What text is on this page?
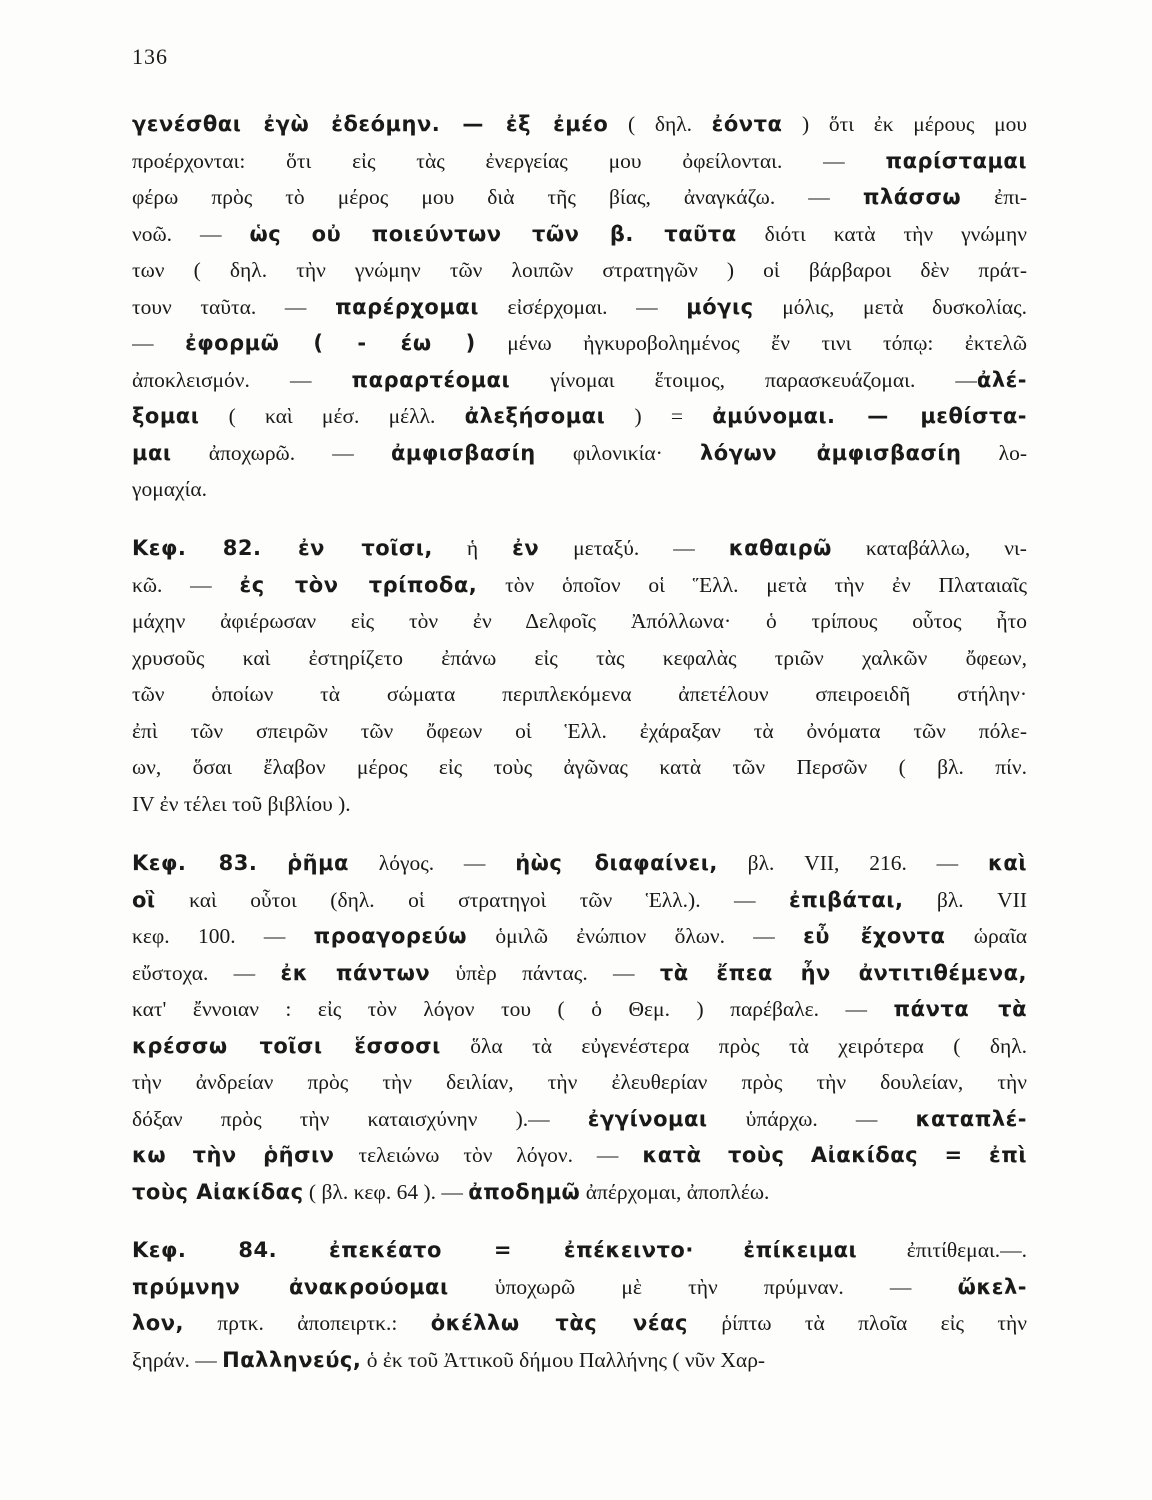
136
γενέσθαι ἐγὼ ἐδεόμην. — ἐξ ἐμέο ( δηλ. ἐόντα ) ὅτι ἐκ μέρους μου
προέρχονται: ὅτι εἰς τὰς ἐνεργείας μου ὀφείλονται. — παρίσταμαι
φέρω πρὸς τὸ μέρος μου διὰ τῆς βίας, ἀναγκάζω. — πλάσσω ἐπι-
νοῶ. — ὡς οὐ ποιεύντων τῶν β. ταῦτα διότι κατὰ τὴν γνώμην
των ( δηλ. τὴν γνώμην τῶν λοιπῶν στρατηγῶν ) οἱ βάρβαροι δὲν πράτ-
τουν ταῦτα. — παρέρχομαι εἰσέρχομαι. — μόγις μόλις, μετὰ δυσκολίας.
— ἐφορμῶ ( - έω ) μένω ἠγκυροβολημένος ἔν τινι τόπῳ: ἐκτελῶ
ἀποκλεισμόν. — παραρτέομαι γίνομαι ἕτοιμος, παρασκευάζομαι. —ἀλέ-
ξομαι ( καὶ μέσ. μέλλ. ἀλεξήσομαι ) = ἀμύνομαι. — μεθίστα-
μαι ἀποχωρῶ. — ἀμφισβασίη φιλονικία· λόγων ἀμφισβασίη λο-
γομαχία.
Κεφ. 82. ἐν τοῖσι, ἡ ἐν μεταξύ. — καθαιρῶ καταβάλλω, νι-
κῶ. — ἐς τὸν τρίποδα, τὸν ὁποῖον οἱ Ἕλλ. μετὰ τὴν ἐν Πλαταιαῖς
μάχην ἀφιέρωσαν εἰς τὸν ἐν Δελφοῖς Ἀπόλλωνα· ὁ τρίπους οὗτος ἦτο
χρυσοῦς καὶ ἐστηρίζετο ἐπάνω εἰς τὰς κεφαλὰς τριῶν χαλκῶν ὄφεων,
τῶν ὁποίων τὰ σώματα περιπλεκόμενα ἀπετέλουν σπειροειδῆ στήλην·
ἐπὶ τῶν σπειρῶν τῶν ὄφεων οἱ Ἑλλ. ἐχάραξαν τὰ ὀνόματα τῶν πόλε-
ων, ὅσαι ἔλαβον μέρος εἰς τοὺς ἀγῶνας κατὰ τῶν Περσῶν ( βλ. πίν.
IV ἐν τέλει τοῦ βιβλίου ).
Κεφ. 83. ῥῆμα λόγος. — ἠὼς διαφαίνει, βλ. VII, 216. — καὶ
οἳ καὶ οὗτοι (δηλ. οἱ στρατηγοὶ τῶν Ἑλλ.). — ἐπιβάται, βλ. VII
κεφ. 100. — προαγορεύω ὁμιλῶ ἐνώπιον ὅλων. — εὖ ἔχοντα ὡραῖα
εὔστοχα. — ἐκ πάντων ὑπὲρ πάντας. — τὰ ἔπεα ἦν ἀντιτιθέμενα,
κατ' ἔννοιαν : εἰς τὸν λόγον του ( ὁ Θεμ. ) παρέβαλε. — πάντα τὰ
κρέσσω τοῖσι ἕσσοσι ὅλα τὰ εὐγενέστερα πρὸς τὰ χειρότερα ( δηλ.
τὴν ἀνδρείαν πρὸς τὴν δειλίαν, τὴν ἐλευθερίαν πρὸς τὴν δουλείαν, τὴν
δόξαν πρὸς τὴν καταισχύνην ).— ἐγγίνομαι ὑπάρχω. — καταπλέ-
κω τὴν ῥῆσιν τελειώνω τὸν λόγον. — κατὰ τοὺς Αἰακίδας = ἐπὶ
τοὺς Αἰακίδας ( βλ. κεφ. 64 ). — ἀποδημῶ ἀπέρχομαι, ἀποπλέω.
Κεφ. 84. ἐπεκέατο = ἐπέκειντο· ἐπίκειμαι ἐπιτίθεμαι.—.
πρύμνην ἀνακρούομαι ὑποχωρῶ μὲ τὴν πρύμναν. — ὤκελ-
λον, πρτκ. ἀποπειρτκ.: ὀκέλλω τὰς νέας ῥίπτω τὰ πλοῖα εἰς τὴν
ξηράν. — Παλληνεύς, ὁ ἐκ τοῦ Ἀττικοῦ δήμου Παλλήνης ( νῦν Χαρ-
